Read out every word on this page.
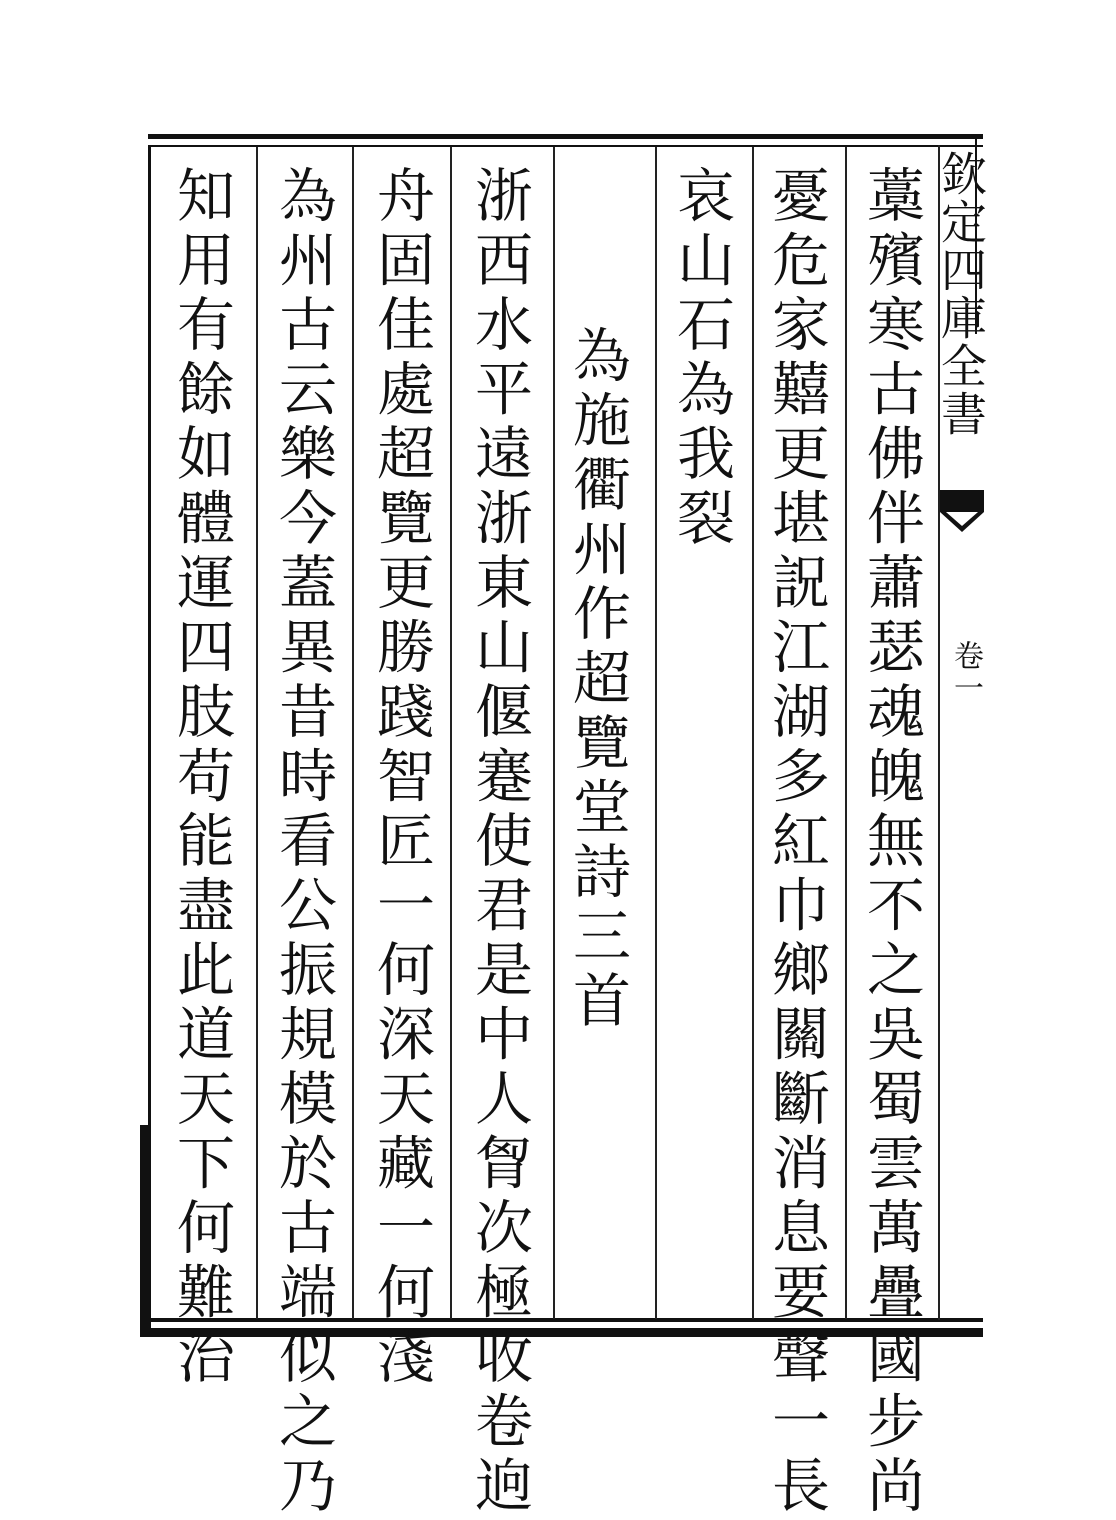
欽定四庫全書
卷一
藁殯寒古佛伴蕭瑟魂魄無不之吳蜀雲萬疊國步尚
憂危家囏更堪詋江湖多紅巾鄉關斷消息要聲一長
哀山石為我裂
為施衢州作超覽堂詩三首
浙西水平遠浙東山偃蹇使君是中人胷次極收卷逈
舟固佳處超覽更勝踐智匠一何深天藏一何淺
為州古云樂今蓋異昔時看公振規模於古端似之乃
知用有餘如體運四肢苟能盡此道天下何難治
